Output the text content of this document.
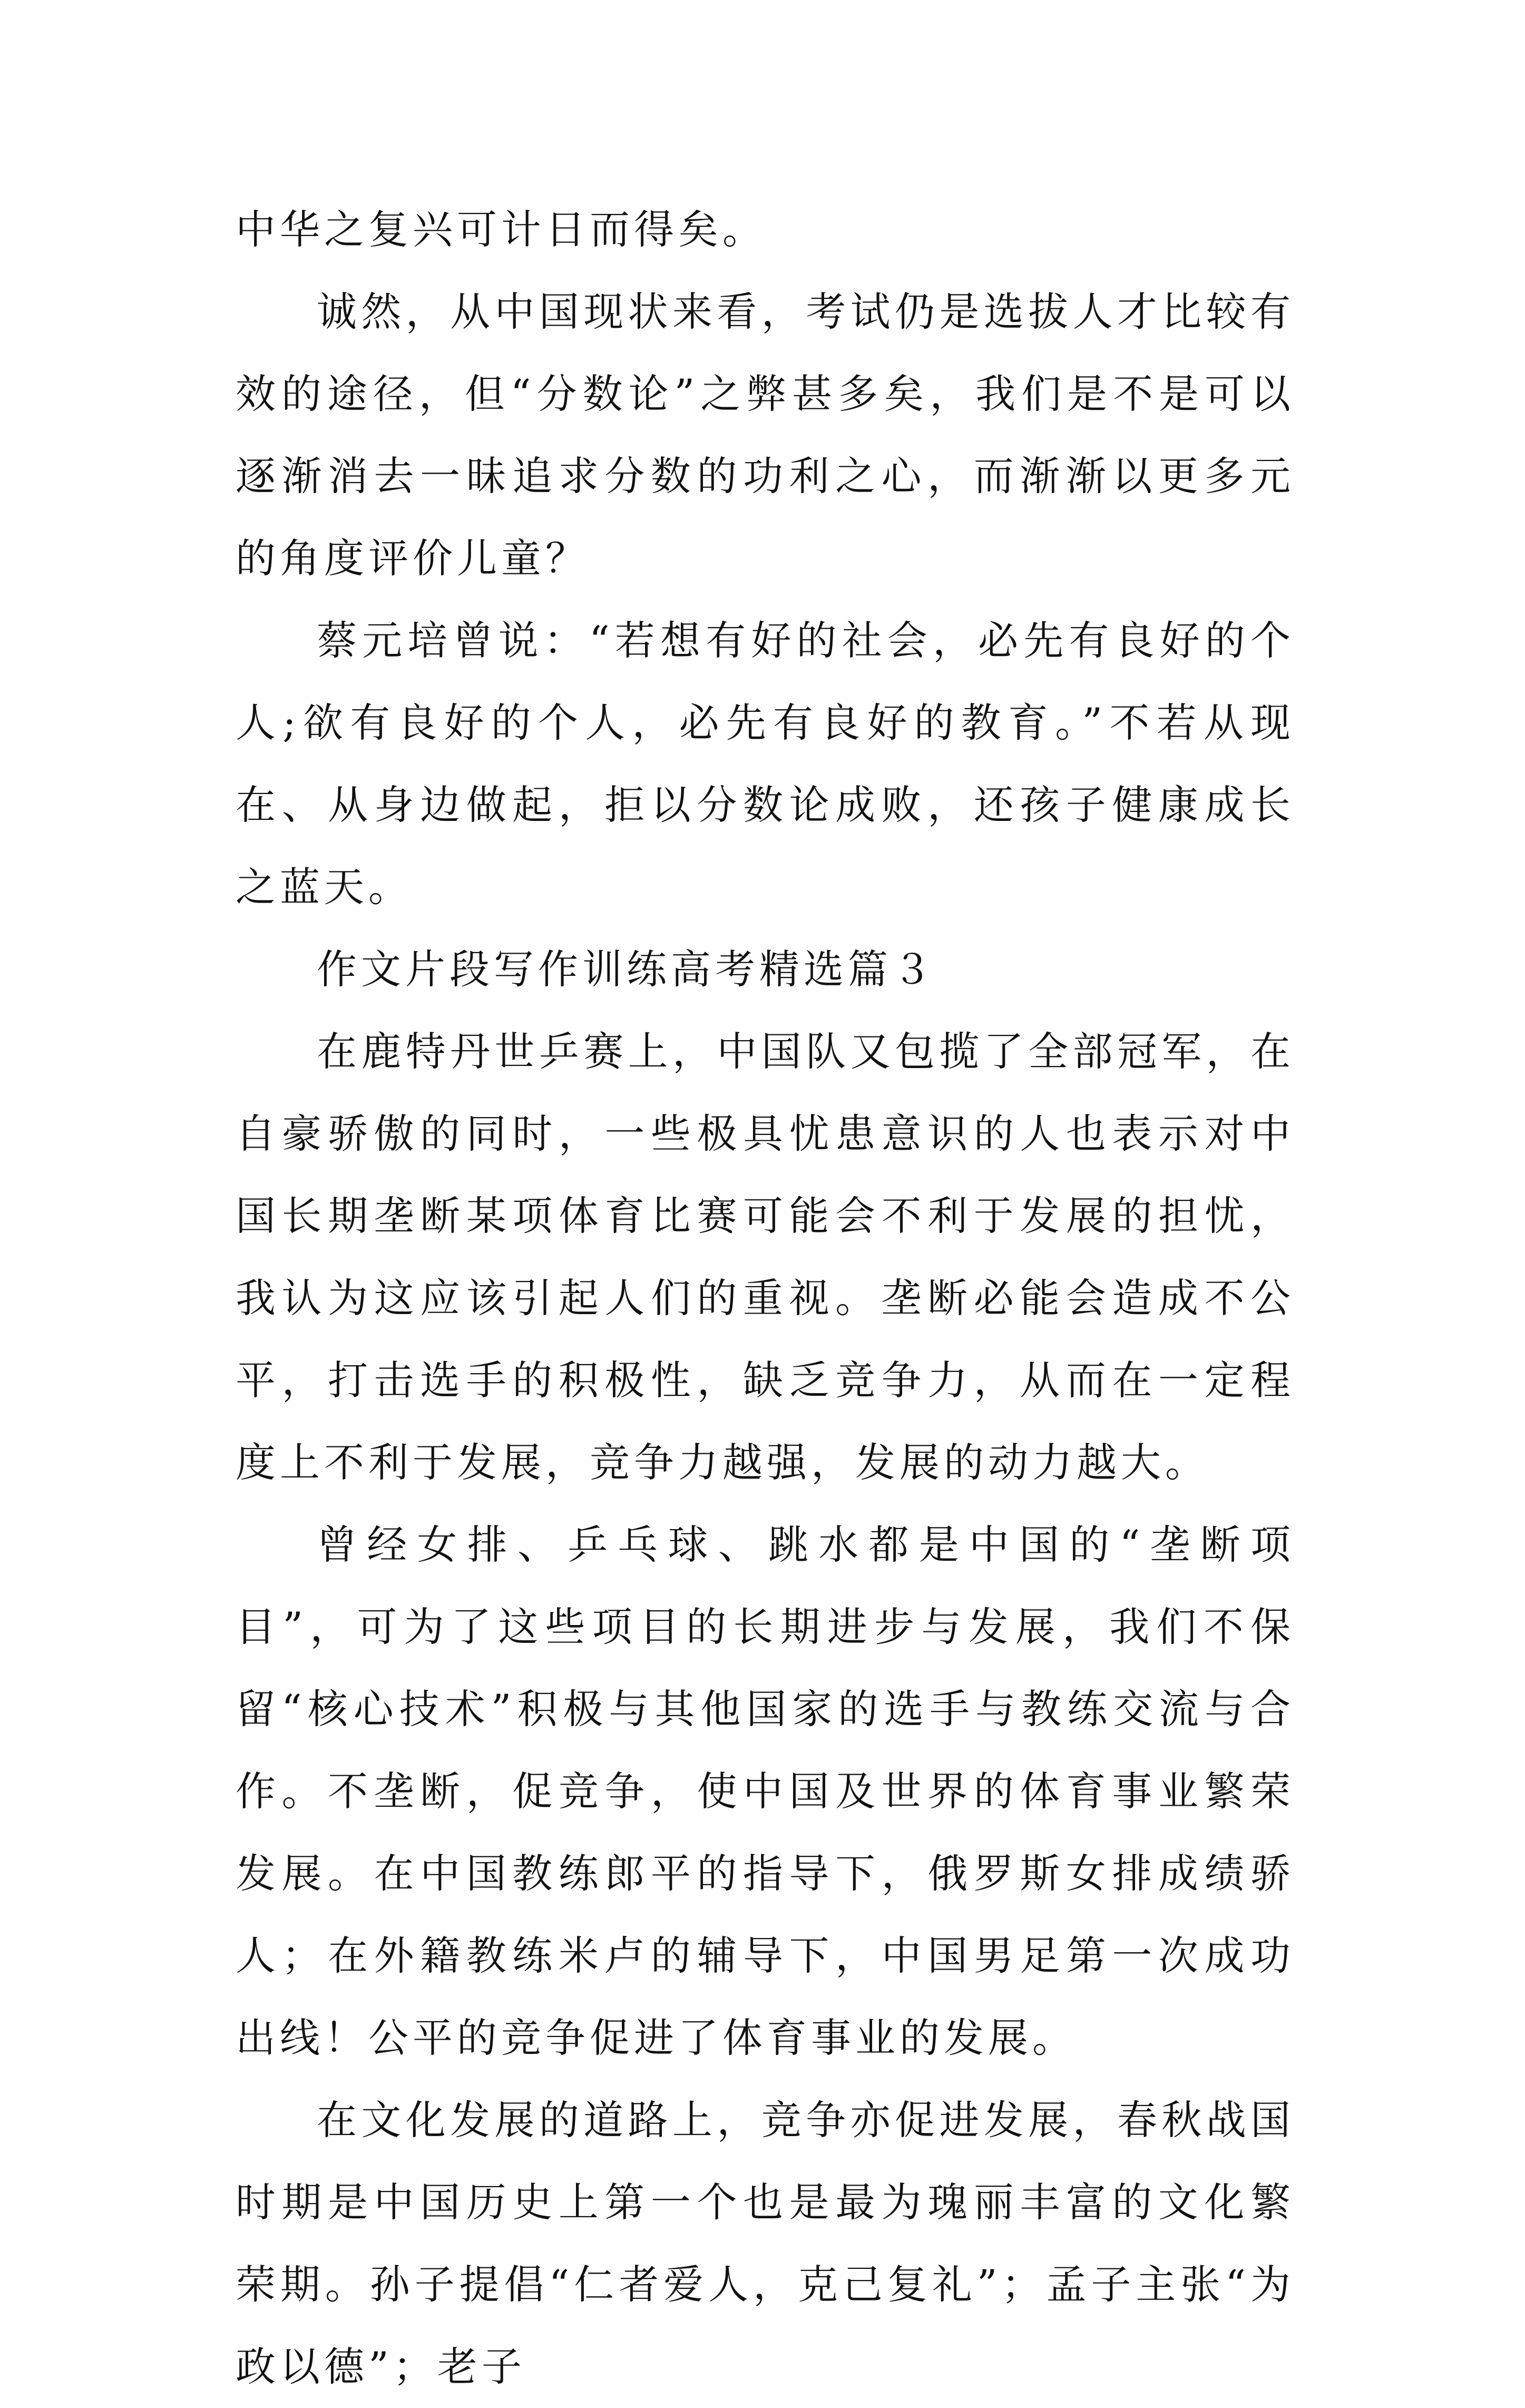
中华之复兴可计日而得矣。

诚然，从中国现状来看，考试仍是选拔人才比较有效的途径，但“分数论”之弊甚多矣，我们是不是可以逐渐消去一昧追求分数的功利之心，而渐渐以更多元的角度评价儿童？

蔡元培曾说：“若想有好的社会，必先有良好的个人;欲有良好的个人，必先有良好的教育。”不若从现在、从身边做起，拒以分数论成败，还孩子健康成长之蓝天。

作文片段写作训练高考精选篇３

在鹿特丹世乒赛上，中国队又包揽了全部冠军，在自豪骄傲的同时，一些极具忧患意识的人也表示对中国长期垄断某项体育比赛可能会不利于发展的担忧，我认为这应该引起人们的重视。垄断必能会造成不公平，打击选手的积极性，缺乏竞争力，从而在一定程度上不利于发展，竞争力越强，发展的动力越大。

曾经女排、乒乓球、跳水都是中国的“垄断项目”，可为了这些项目的长期进步与发展，我们不保留“核心技术”积极与其他国家的选手与教练交流与合作。不垄断，促竞争，使中国及世界的体育事业繁荣发展。在中国教练郎平的指导下，俄罗斯女排成绩骄人；在外籍教练米卢的辅导下，中国男足第一次成功出线！公平的竞争促进了体育事业的发展。

在文化发展的道路上，竞争亦促进发展，春秋战国时期是中国历史上第一个也是最为瑰丽丰富的文化繁荣期。孙子提倡“仁者爱人，克己复礼”；孟子主张“为政以德”；老子
